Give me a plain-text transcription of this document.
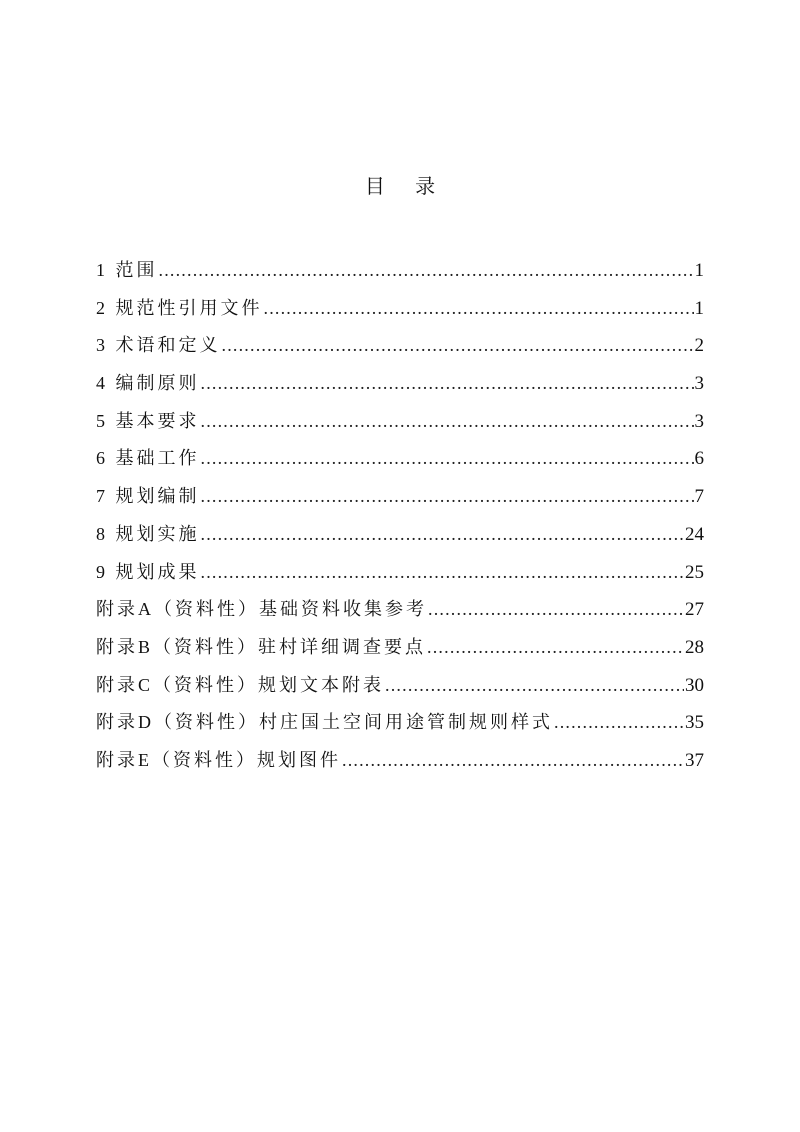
目 录
1 范围 .....	1
2 规范性引用文件 .....	1
3 术语和定义 .....	2
4 编制原则 .....	3
5 基本要求 .....	3
6 基础工作 .....	6
7 规划编制 .....	7
8 规划实施 .....	24
9 规划成果 .....	25
附录A（资料性）基础资料收集参考 .....	27
附录B（资料性）驻村详细调查要点 .....	28
附录C（资料性）规划文本附表 .....	30
附录D（资料性）村庄国土空间用途管制规则样式 .....	35
附录E（资料性）规划图件 .....	37
